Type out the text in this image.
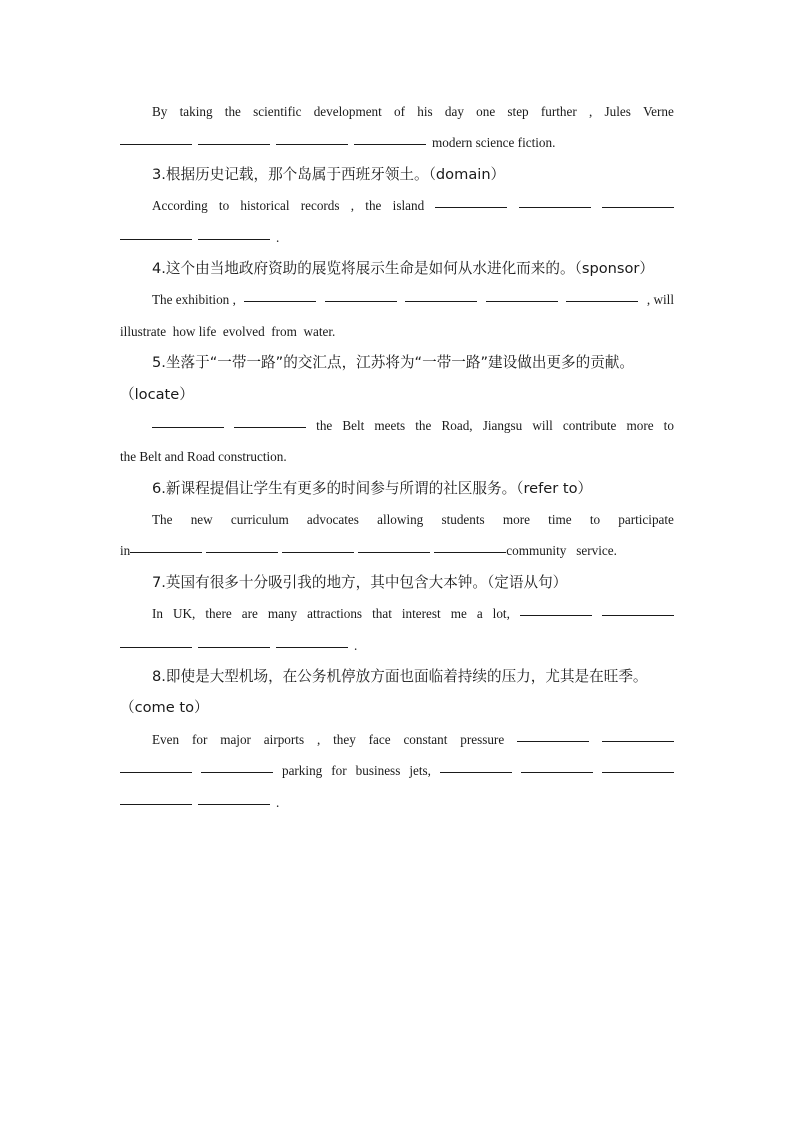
By taking the scientific development of his day one step further , Jules Verne
modern science fiction.
3.根据历史记载，那个岛属于西班牙领土。（domain）
According to historical records , the island
.
4.这个由当地政府资助的展览将展示生命是如何从水进化而来的。（sponsor）
The exhibition ,	, will
illustrate  how life  evolved  from  water.
5.坐落于“一带一路”的交汇点，江苏将为“一带一路”建设做出更多的贡献。
（locate）
the Belt meets the Road, Jiangsu will contribute more to
the Belt and Road construction.
6.新课程提倡让学生有更多的时间参与所谓的社区服务。（refer to）
The new curriculum advocates allowing students more time to participate
in	community   service.
7.英国有很多十分吸引我的地方，其中包含大本钟。（定语从句）
In UK, there are many attractions that interest me a lot,
.
8.即使是大型机场，在公务机停放方面也面临着持续的压力，尤其是在旺季。
（come to）
Even for major airports , they face constant pressure
parking for business jets,
.
